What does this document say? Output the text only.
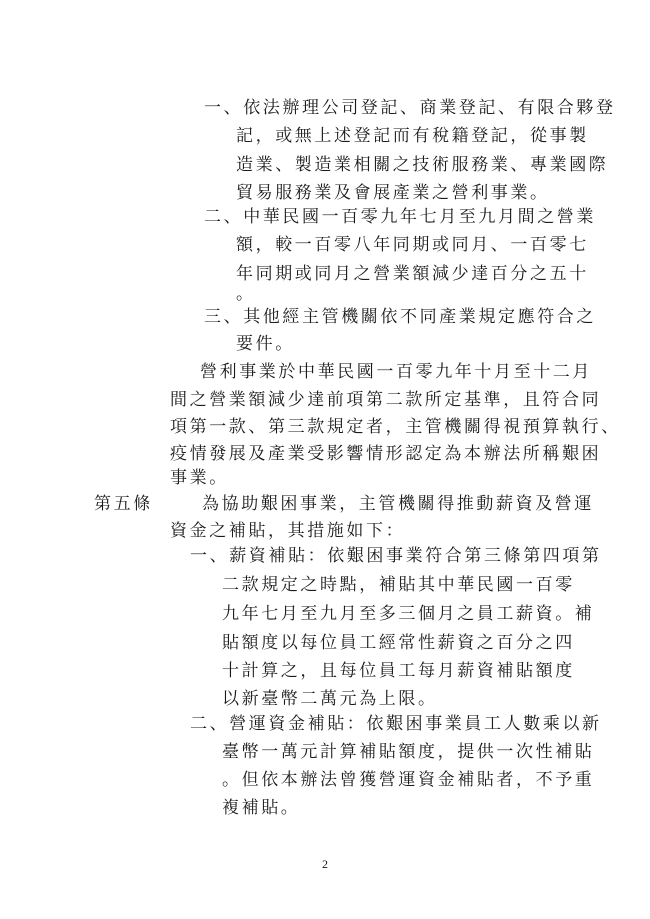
一、依法辦理公司登記、商業登記、有限合夥登
記，或無上述登記而有稅籍登記，從事製
造業、製造業相關之技術服務業、專業國際
貿易服務業及會展產業之營利事業。
二、中華民國一百零九年七月至九月間之營業
額，較一百零八年同期或同月、一百零七
年同期或同月之營業額減少達百分之五十
。
三、其他經主管機關依不同產業規定應符合之
要件。
營利事業於中華民國一百零九年十月至十二月
間之營業額減少達前項第二款所定基準，且符合同
項第一款、第三款規定者，主管機關得視預算執行、
疫情發展及產業受影響情形認定為本辦法所稱艱困
事業。
第五條	為協助艱困事業，主管機關得推動薪資及營運
資金之補貼，其措施如下：
一、薪資補貼：依艱困事業符合第三條第四項第
二款規定之時點，補貼其中華民國一百零
九年七月至九月至多三個月之員工薪資。補
貼額度以每位員工經常性薪資之百分之四
十計算之，且每位員工每月薪資補貼額度
以新臺幣二萬元為上限。
二、營運資金補貼：依艱困事業員工人數乘以新
臺幣一萬元計算補貼額度，提供一次性補貼
。但依本辦法曾獲營運資金補貼者，不予重
複補貼。
2
